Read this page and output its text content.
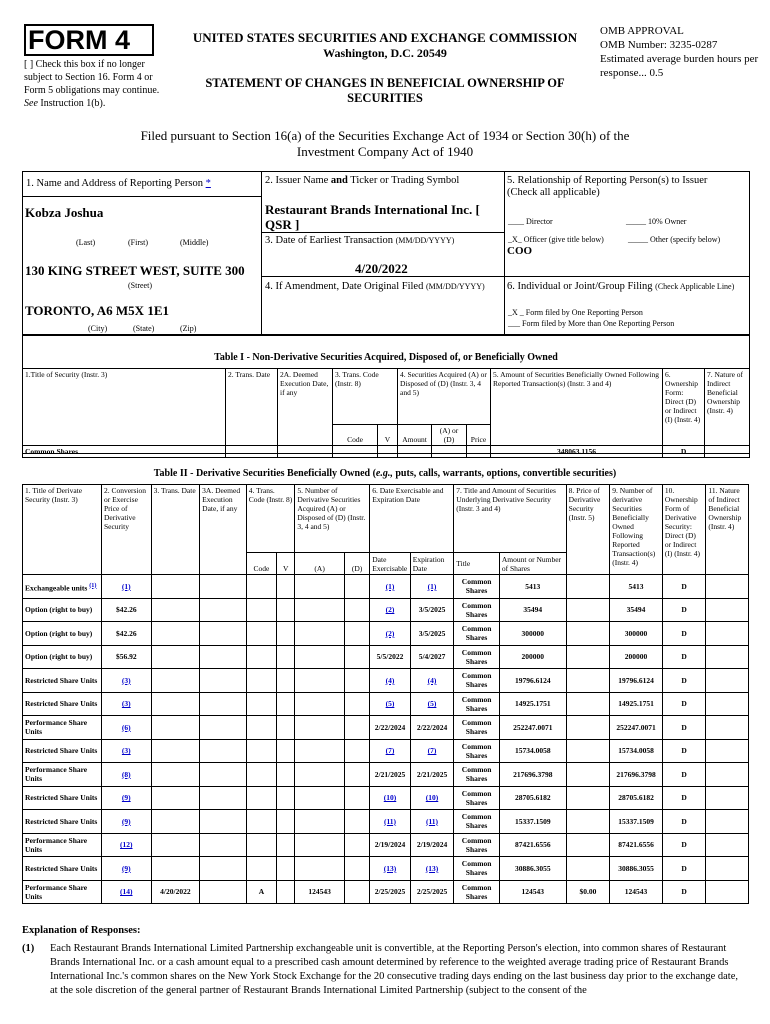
FORM 4
[ ] Check this box if no longer subject to Section 16. Form 4 or Form 5 obligations may continue. See Instruction 1(b).
UNITED STATES SECURITIES AND EXCHANGE COMMISSION
Washington, D.C. 20549
STATEMENT OF CHANGES IN BENEFICIAL OWNERSHIP OF SECURITIES
OMB APPROVAL
OMB Number: 3235-0287
Estimated average burden hours per response... 0.5
Filed pursuant to Section 16(a) of the Securities Exchange Act of 1934 or Section 30(h) of the Investment Company Act of 1940
1. Name and Address of Reporting Person *
Kobza Joshua
(Last)	(First)	(Middle)
130 KING STREET WEST, SUITE 300
(Street)
TORONTO, A6 M5X 1E1
(City)	(State)	(Zip)
2. Issuer Name and Ticker or Trading Symbol
Restaurant Brands International Inc. [ QSR ]
3. Date of Earliest Transaction (MM/DD/YYYY)
4/20/2022
4. If Amendment, Date Original Filed (MM/DD/YYYY)
5. Relationship of Reporting Person(s) to Issuer
(Check all applicable)
____ Director	_____ 10% Owner
_X_ Officer (give title below)	_____ Other (specify below)
COO
6. Individual or Joint/Group Filing (Check Applicable Line)
_X _ Form filed by One Reporting Person
___ Form filed by More than One Reporting Person
Table I - Non-Derivative Securities Acquired, Disposed of, or Beneficially Owned
1.Title of Security (Instr. 3)	2. Trans. Date	2A. Deemed Execution Date, if any	3. Trans. Code (Instr. 8)		4. Securities Acquired (A) or Disposed of (D) (Instr. 3, 4 and 5)			5. Amount of Securities Beneficially Owned Following Reported Transaction(s) (Instr. 3 and 4)	6. Ownership Form: Direct (D) or Indirect (I) (Instr. 4)	7. Nature of Indirect Beneficial Ownership (Instr. 4)
			Code	V	Amount	(A) or (D)	Price			
Common Shares								348063.1156	D	
Table II - Derivative Securities Beneficially Owned (e.g., puts, calls, warrants, options, convertible securities)
1. Title of Derivate Security (Instr. 3)	2. Conversion or Exercise Price of Derivative Security	3. Trans. Date	3A. Deemed Execution Date, if any	4. Trans. Code (Instr. 8)		5. Number of Derivative Securities Acquired (A) or Disposed of (D) (Instr. 3, 4 and 5)		6. Date Exercisable and Expiration Date		7. Title and Amount of Securities Underlying Derivative Security (Instr. 3 and 4)		8. Price of Derivative Security (Instr. 5)	9. Number of derivative Securities Beneficially Owned Following Reported Transaction(s) (Instr. 4)	10. Ownership Form of Derivative Security: Direct (D) or Indirect (I) (Instr. 4)	11. Nature of Indirect Beneficial Ownership (Instr. 4)
				Code	V	(A)	(D)	Date Exercisable	Expiration Date	Title	Amount or Number of Shares				
Exchangeable units $^{(1)}$	(1)							(1)	(1)	Common Shares	5413		5413	D	
Option (right to buy)	$42.26							(2)	3/5/2025	Common Shares	35494		35494	D	
Option (right to buy)	$42.26							(2)	3/5/2025	Common Shares	300000		300000	D	
Option (right to buy)	$56.92							5/5/2022	5/4/2027	Common Shares	200000		200000	D	
Restricted Share Units	(3)							(4)	(4)	Common Shares	19796.6124		19796.6124	D	
Restricted Share Units	(3)							(5)	(5)	Common Shares	14925.1751		14925.1751	D	
Performance Share Units	(6)							2/22/2024	2/22/2024	Common Shares	252247.0071		252247.0071	D	
Restricted Share Units	(3)							(7)	(7)	Common Shares	15734.0058		15734.0058	D	
Performance Share Units	(8)							2/21/2025	2/21/2025	Common Shares	217696.3798		217696.3798	D	
Restricted Share Units	(9)							(10)	(10)	Common Shares	28705.6182		28705.6182	D	
Restricted Share Units	(9)							(11)	(11)	Common Shares	15337.1509		15337.1509	D	
Performance Share Units	(12)							2/19/2024	2/19/2024	Common Shares	87421.6556		87421.6556	D	
Restricted Share Units	(9)							(13)	(13)	Common Shares	30886.3055		30886.3055	D	
Performance Share Units	(14)	4/20/2022		A		124543		2/25/2025	2/25/2025	Common Shares	124543	$0.00	124543	D	
Explanation of Responses:
(1)	Each Restaurant Brands International Limited Partnership exchangeable unit is convertible, at the Reporting Person's election, into common shares of Restaurant Brands International Inc. or a cash amount equal to a prescribed cash amount determined by reference to the weighted average trading price of Restaurant Brands International Inc.'s common shares on the New York Stock Exchange for the 20 consecutive trading days ending on the last business day prior to the exchange date, at the sole discretion of the general partner of Restaurant Brands International Limited Partnership (subject to the consent of the
